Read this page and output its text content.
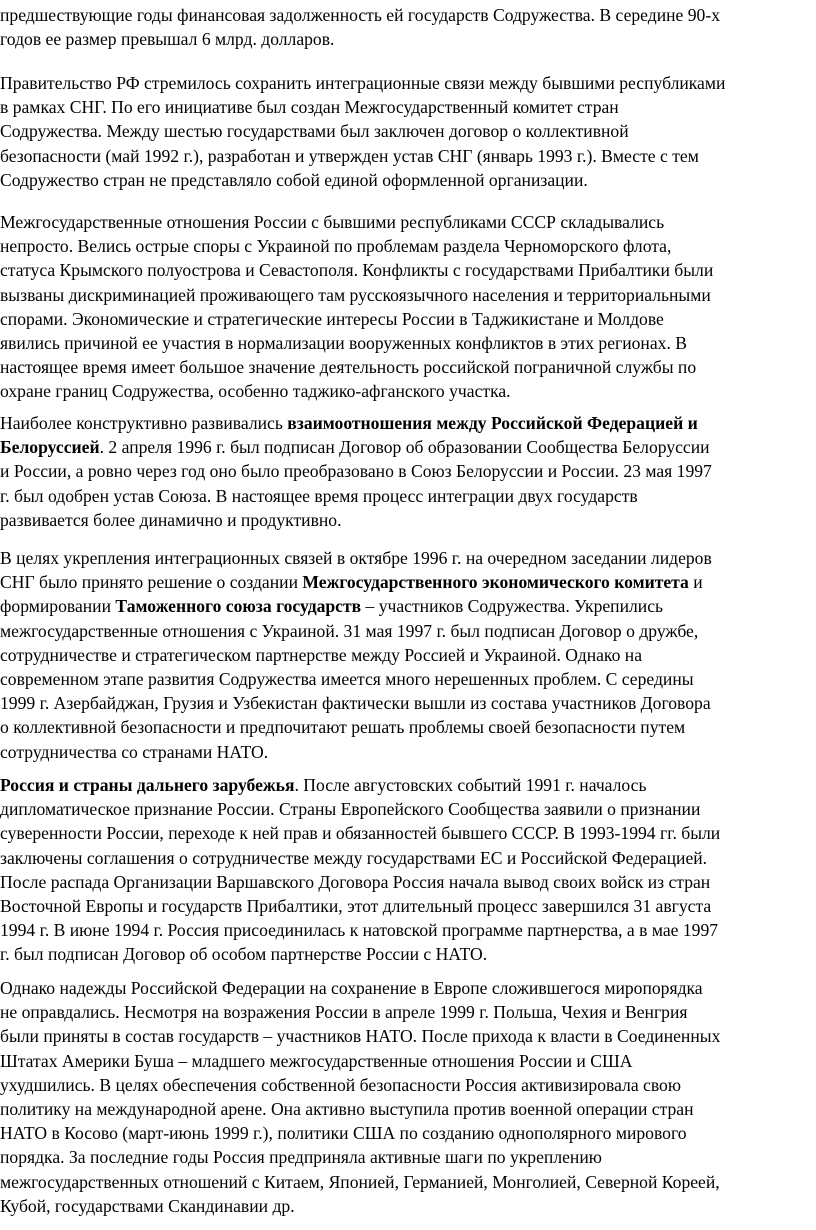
предшествующие годы финансовая задолженность ей государств Содружества. В середине 90-х
годов ее размер превышал 6 млрд. долларов.
Правительство РФ стремилось сохранить интеграционные связи между бывшими республиками
в рамках СНГ. По его инициативе был создан Межгосударственный комитет стран
Содружества. Между шестью государствами был заключен договор о коллективной
безопасности (май 1992 г.), разработан и утвержден устав СНГ (январь 1993 г.). Вместе с тем
Содружество стран не представляло собой единой оформленной организации.
Межгосударственные отношения России с бывшими республиками СССР складывались
непросто. Велись острые споры с Украиной по проблемам раздела Черноморского флота,
статуса Крымского полуострова и Севастополя. Конфликты с государствами Прибалтики были
вызваны дискриминацией проживающего там русскоязычного населения и территориальными
спорами. Экономические и стратегические интересы России в Таджикистане и Молдове
явились причиной ее участия в нормализации вооруженных конфликтов в этих регионах. В
настоящее время имеет большое значение деятельность российской пограничной службы по
охране границ Содружества, особенно таджико-афганского участка.
Наиболее конструктивно развивались взаимоотношения между Российской Федерацией и
Белоруссией. 2 апреля 1996 г. был подписан Договор об образовании Сообщества Белоруссии
и России, а ровно через год оно было преобразовано в Союз Белоруссии и России. 23 мая 1997
г. был одобрен устав Союза. В настоящее время процесс интеграции двух государств
развивается более динамично и продуктивно.
В целях укрепления интеграционных связей в октябре 1996 г. на очередном заседании лидеров
СНГ было принято решение о создании Межгосударственного экономического комитета и
формировании Таможенного союза государств – участников Содружества. Укрепились
межгосударственные отношения с Украиной. 31 мая 1997 г. был подписан Договор о дружбе,
сотрудничестве и стратегическом партнерстве между Россией и Украиной. Однако на
современном этапе развития Содружества имеется много нерешенных проблем. С середины
1999 г. Азербайджан, Грузия и Узбекистан фактически вышли из состава участников Договора
о коллективной безопасности и предпочитают решать проблемы своей безопасности путем
сотрудничества со странами НАТО.
Россия и страны дальнего зарубежья. После августовских событий 1991 г. началось
дипломатическое признание России. Страны Европейского Сообщества заявили о признании
суверенности России, переходе к ней прав и обязанностей бывшего СССР. В 1993-1994 гг. были
заключены соглашения о сотрудничестве между государствами ЕС и Российской Федерацией.
После распада Организации Варшавского Договора Россия начала вывод своих войск из стран
Восточной Европы и государств Прибалтики, этот длительный процесс завершился 31 августа
1994 г. В июне 1994 г. Россия присоединилась к натовской программе партнерства, а в мае 1997
г. был подписан Договор об особом партнерстве России с НАТО.
Однако надежды Российской Федерации на сохранение в Европе сложившегося миропорядка
не оправдались. Несмотря на возражения России в апреле 1999 г. Польша, Чехия и Венгрия
были приняты в состав государств – участников НАТО. После прихода к власти в Соединенных
Штатах Америки Буша – младшего межгосударственные отношения России и США
ухудшились. В целях обеспечения собственной безопасности Россия активизировала свою
политику на международной арене. Она активно выступила против военной операции стран
НАТО в Косово (март-июнь 1999 г.), политики США по созданию однополярного мирового
порядка. За последние годы Россия предприняла активные шаги по укреплению
межгосударственных отношений с Китаем, Японией, Германией, Монголией, Северной Кореей,
Кубой, государствами Скандинавии др.
